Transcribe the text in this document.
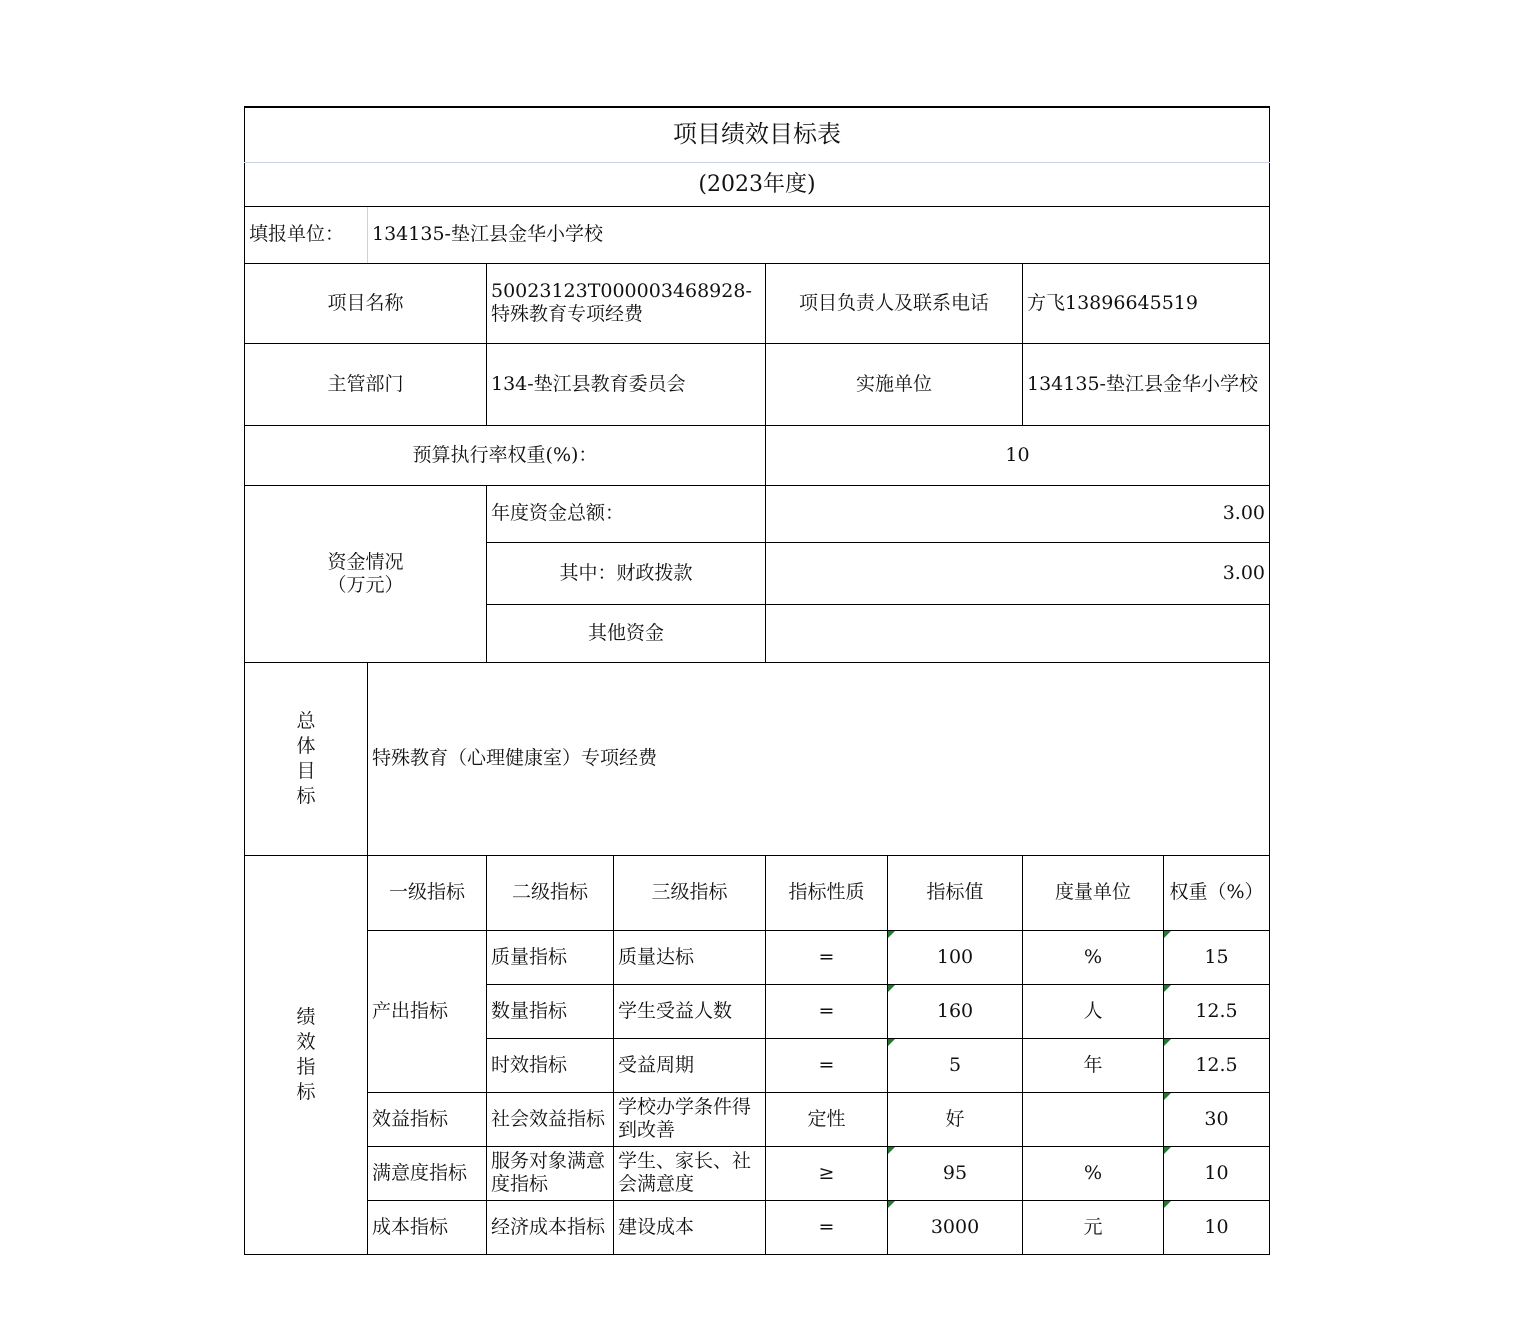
项目绩效目标表							
(2023年度)							
填报单位：	134135-垫江县金华小学校						
项目名称		50023123T000003468928-特殊教育专项经费		项目负责人及联系电话		方飞13896645519	
主管部门		134-垫江县教育委员会		实施单位		134135-垫江县金华小学校	
预算执行率权重(%)：				10			
资金情况（万元）		年度资金总额：		3.00			
		其中：财政拨款		3.00			
		其他资金					
总体目标	特殊教育（心理健康室）专项经费						
绩效指标	一级指标	二级指标	三级指标	指标性质	指标值	度量单位	权重（%）
	产出指标	质量指标	质量达标	=	100	%	15
		数量指标	学生受益人数	=	160	人	12.5
		时效指标	受益周期	=	5	年	12.5
	效益指标	社会效益指标	学校办学条件得到改善	定性	好		30
	满意度指标	服务对象满意度指标	学生、家长、社会满意度	≥	95	%	10
	成本指标	经济成本指标	建设成本	=	3000	元	10
